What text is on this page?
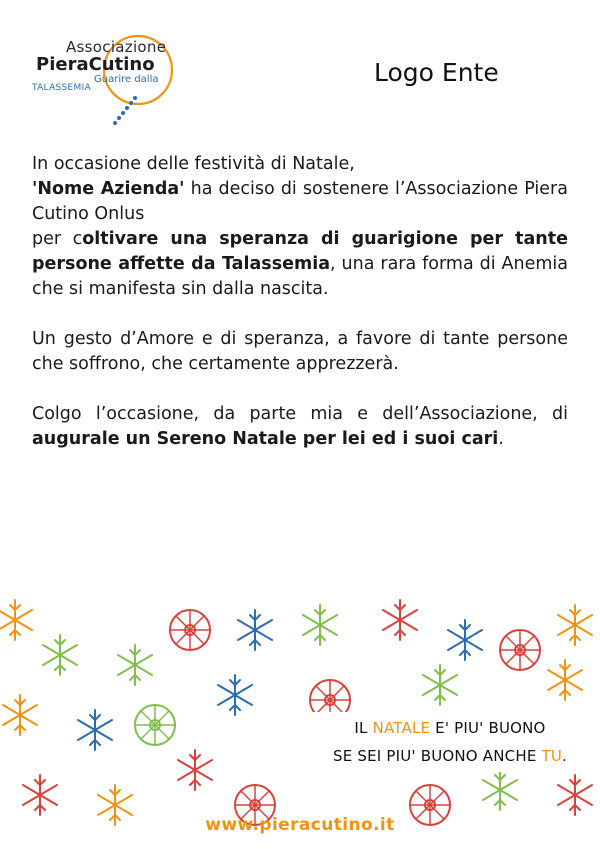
Associazione
PieraCutino
Guarire dalla
TALASSEMIA
Logo Ente

In occasione delle festività di Natale,
'Nome Azienda' ha deciso di sostenere l’Associazione Piera Cutino Onlus
per coltivare una speranza di guarigione per tante persone affette da Talassemia, una rara forma di Anemia che si manifesta sin dalla nascita.

Un gesto d’Amore e di speranza, a favore di tante persone che soffrono, che certamente apprezzerà.

Colgo l’occasione, da parte mia e dell’Associazione, di augurale un Sereno Natale per lei ed i suoi cari.

IL NATALE E' PIU' BUONO
SE SEI PIU' BUONO ANCHE TU.
www.pieracutino.it
